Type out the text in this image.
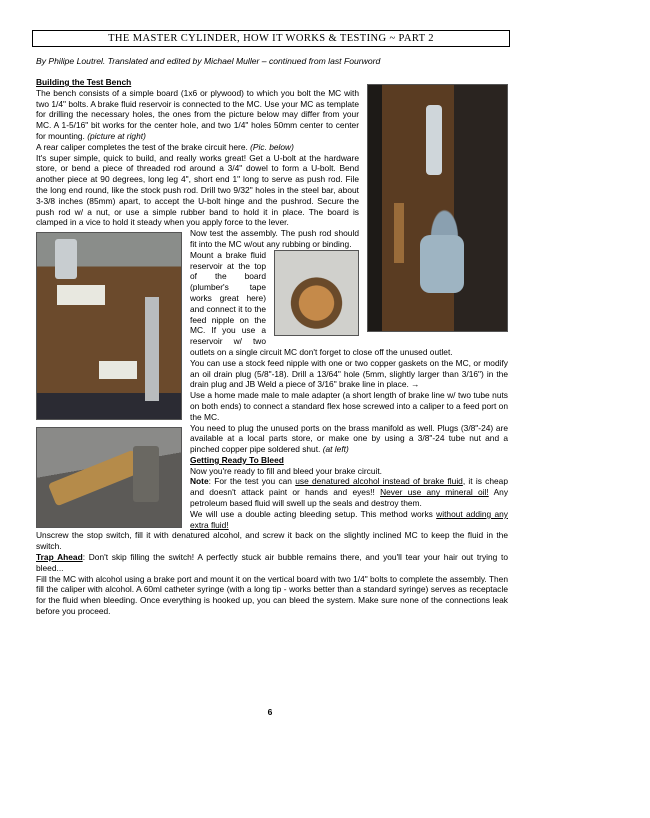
THE MASTER CYLINDER, HOW IT WORKS & TESTING ~ PART 2
By Philipe Loutrel. Translated and edited by Michael Muller – continued from last Fourword

Building the Test Bench

The bench consists of a simple board (1x6 or plywood) to which you bolt the MC with two 1/4" bolts. A brake fluid reservoir is connected to the MC. Use your MC as template for drilling the necessary holes, the ones from the picture below may differ from your MC. A 1-5/16" bit works for the center hole, and two 1/4" holes 50mm center to center for mounting. (picture at right)

A rear caliper completes the test of the brake circuit here. (Pic. below)

It's super simple, quick to build, and really works great! Get a U-bolt at the hardware store, or bend a piece of threaded rod around a 3/4" dowel to form a U-bolt. Bend another piece at 90 degrees, long leg 4", short end 1" long to serve as push rod. File the long end round, like the stock push rod. Drill two 9/32" holes in the steel bar, about 3-3/8 inches (85mm) apart, to accept the U-bolt hinge and the pushrod. Secure the push rod w/ a nut, or use a simple rubber band to hold it in place. The board is clamped in a vice to hold it steady when you apply force to the lever.

Now test the assembly. The push rod should fit into the MC w/out any rubbing or binding.

Mount a brake fluid reservoir at the top of the board (plumber's tape works great here) and connect it to the feed nipple on the MC. If you use a reservoir w/ two outlets on a single circuit MC don't forget to close off the unused outlet.

You can use a stock feed nipple with one or two copper gaskets on the MC, or modify an oil drain plug (5/8"-18). Drill a 13/64" hole (5mm, slightly larger than 3/16") in the drain plug and JB Weld a piece of 3/16" brake line in place. →

Use a home made male to male adapter (a short length of brake line w/ two tube nuts on both ends) to connect a standard flex hose screwed into a caliper to a feed port on the MC.

You need to plug the unused ports on the brass manifold as well. Plugs (3/8"-24) are available at a local parts store, or make one by using a 3/8"-24 tube nut and a pinched copper pipe soldered shut. (at left)

Getting Ready To Bleed

Now you're ready to fill and bleed your brake circuit.

Note: For the test you can use denatured alcohol instead of brake fluid, it is cheap and doesn't attack paint or hands and eyes!! Never use any mineral oil! Any petroleum based fluid will swell up the seals and destroy them.

We will use a double acting bleeding setup. This method works without adding any extra fluid!

Unscrew the stop switch, fill it with denatured alcohol, and screw it back on the slightly inclined MC to keep the fluid in the switch.

Trap Ahead: Don't skip filling the switch! A perfectly stuck air bubble remains there, and you'll tear your hair out trying to bleed...

Fill the MC with alcohol using a brake port and mount it on the vertical board with two 1/4" bolts to complete the assembly. Then fill the caliper with alcohol. A 60ml catheter syringe (with a long tip - works better than a standard syringe) serves as receptacle for the fluid when bleeding. Once everything is hooked up, you can bleed the system. Make sure none of the connections leak before you proceed.

6
